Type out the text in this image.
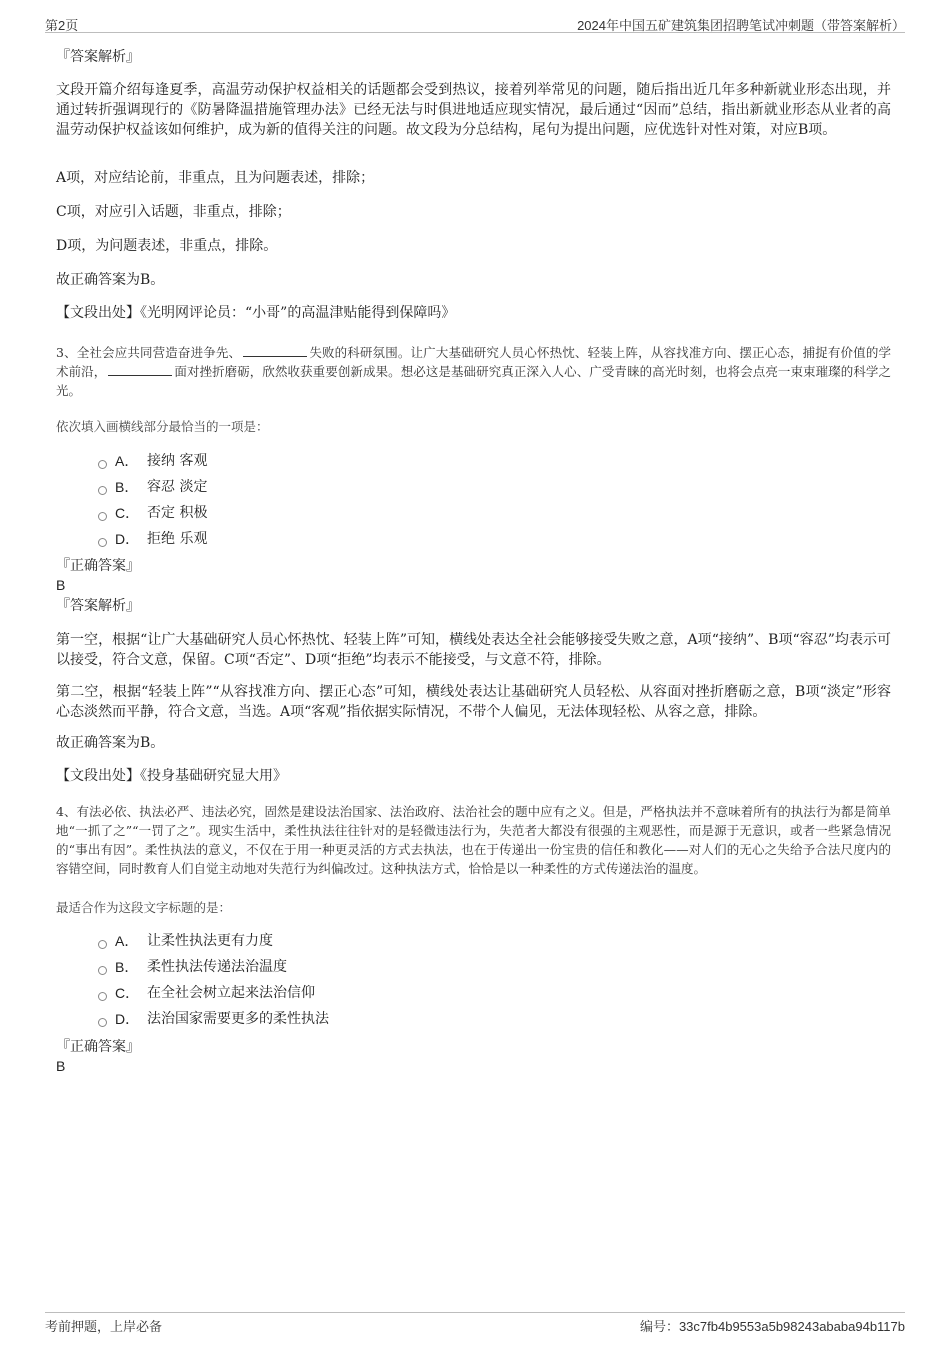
第2页	2024年中国五矿建筑集团招聘笔试冲刺题（带答案解析）
『答案解析』
文段开篇介绍每逢夏季，高温劳动保护权益相关的话题都会受到热议，接着列举常见的问题，随后指出近几年多种新就业形态出现，并通过转折强调现行的《防暑降温措施管理办法》已经无法与时俱进地适应现实情况，最后通过“因而”总结，指出新就业形态从业者的高温劳动保护权益该如何维护，成为新的值得关注的问题。故文段为分总结构，尾句为提出问题，应优选针对性对策，对应B项。
A项，对应结论前，非重点，且为问题表述，排除；
C项，对应引入话题，非重点，排除；
D项，为问题表述，非重点，排除。
故正确答案为B。
【文段出处】《光明网评论员：“小哥”的高温津贴能得到保障吗》
3、全社会应共同营造奋进争先、	失败的科研氛围。让广大基础研究人员心怀热忱、轻装上阵，从容找准方向、摆正心态，捕捉有价值的学术前沿，	面对挫折磨砺，欣然收获重要创新成果。想必这是基础研究真正深入人心、广受青睐的高光时刻，也将会点亮一束束璀璨的科学之光。
依次填入画横线部分最恰当的一项是：
A． 接纳 客观
B． 容忍 淡定
C． 否定 积极
D． 拒绝 乐观
『正确答案』
B
『答案解析』
第一空，根据“让广大基础研究人员心怀热忱、轻装上阵”可知，横线处表达全社会能够接受失败之意，A项“接纳”、B项“容忍”均表示可以接受，符合文意，保留。C项“否定”、D项“拒绝”均表示不能接受，与文意不符，排除。
第二空，根据“轻装上阵”“从容找准方向、摆正心态”可知，横线处表达让基础研究人员轻松、从容面对挫折磨砺之意，B项“淡定”形容心态淡然而平静，符合文意，当选。A项“客观”指依据实际情况，不带个人偏见，无法体现轻松、从容之意，排除。
故正确答案为B。
【文段出处】《投身基础研究显大用》
4、有法必依、执法必严、违法必究，固然是建设法治国家、法治政府、法治社会的题中应有之义。但是，严格执法并不意味着所有的执法行为都是简单地“一抓了之”“一罚了之”。现实生活中，柔性执法往往针对的是轻微违法行为，失范者大都没有很强的主观恶性，而是源于无意识，或者一些紧急情况的“事出有因”。柔性执法的意义，不仅在于用一种更灵活的方式去执法，也在于传递出一份宝贵的信任和教化——对人们的无心之失给予合法尺度内的容错空间，同时教育人们自觉主动地对失范行为纠偏改过。这种执法方式，恰恰是以一种柔性的方式传递法治的温度。
最适合作为这段文字标题的是：
A． 让柔性执法更有力度
B． 柔性执法传递法治温度
C． 在全社会树立起来法治信仰
D． 法治国家需要更多的柔性执法
『正确答案』
B
考前押题，上岸必备	编号：33c7fb4b9553a5b98243ababa94b117b
